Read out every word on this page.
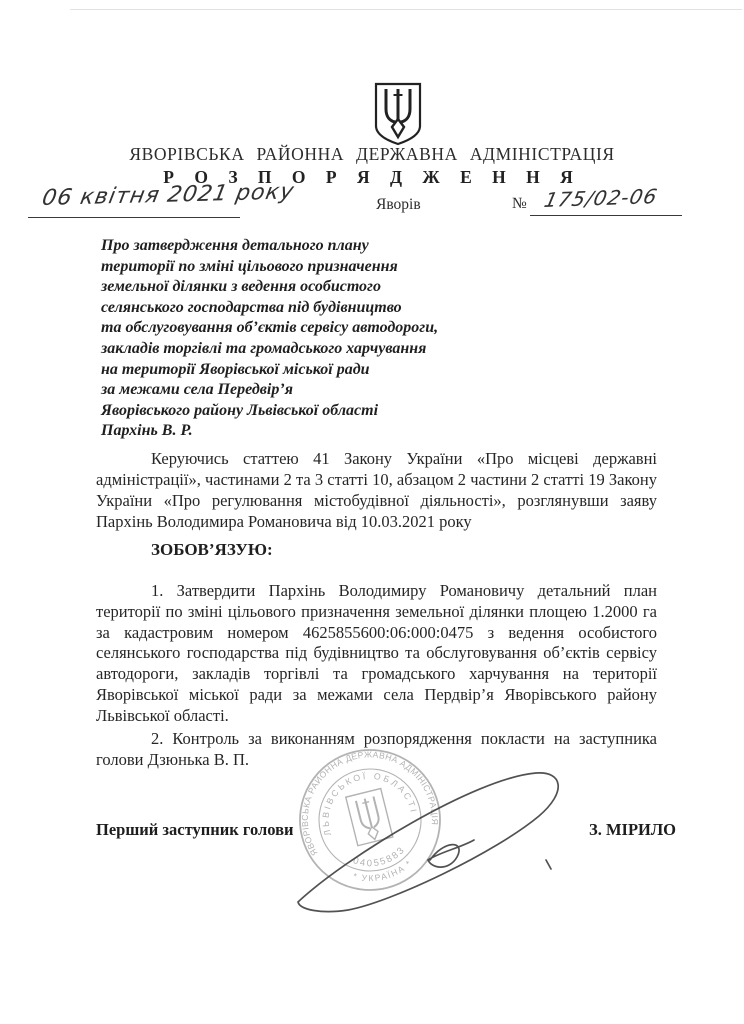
ЯВОРІВСЬКА РАЙОННА ДЕРЖАВНА АДМІНІСТРАЦІЯ
Р О З П О Р Я Д Ж Е Н Н Я
06 квітня 2021 року	Яворів	№ 175/02-06
Про затвердження детального плану
території по зміні цільового призначення
земельної ділянки з ведення особистого
селянського господарства під будівництво
та обслуговування об’єктів сервісу автодороги,
закладів торгівлі та громадського харчування
на території Яворівської міської ради
за межами села Передвір’я
Яворівського району Львівської області
Пархінь В. Р.
Керуючись статтею 41 Закону України «Про місцеві державні адміністрації», частинами 2 та 3 статті 10, абзацом 2 частини 2 статті 19 Закону України «Про регулювання містобудівної діяльності», розглянувши заяву Пархінь Володимира Романовича від 10.03.2021 року
ЗОБОВ’ЯЗУЮ:
1. Затвердити Пархінь Володимиру Романовичу детальний план території по зміні цільового призначення земельної ділянки площею 1.2000 га за кадастровим номером 4625855600:06:000:0475 з ведення особистого селянського господарства під будівництво та обслуговування об’єктів сервісу автодороги, закладів торгівлі та громадського харчування на території Яворівської міської ради за межами села Пердвір’я Яворівського району Львівської області.
2. Контроль за виконанням розпорядження покласти на заступника голови Дзюнька В. П.
ЯВОРІВСЬКА РАЙОННА ДЕРЖАВНА АДМІНІСТРАЦІЯ
ЛЬВІВСЬКОЇ ОБЛАСТІ
04055883
* УКРАЇНА *
Перший заступник голови	З. МІРИЛО
